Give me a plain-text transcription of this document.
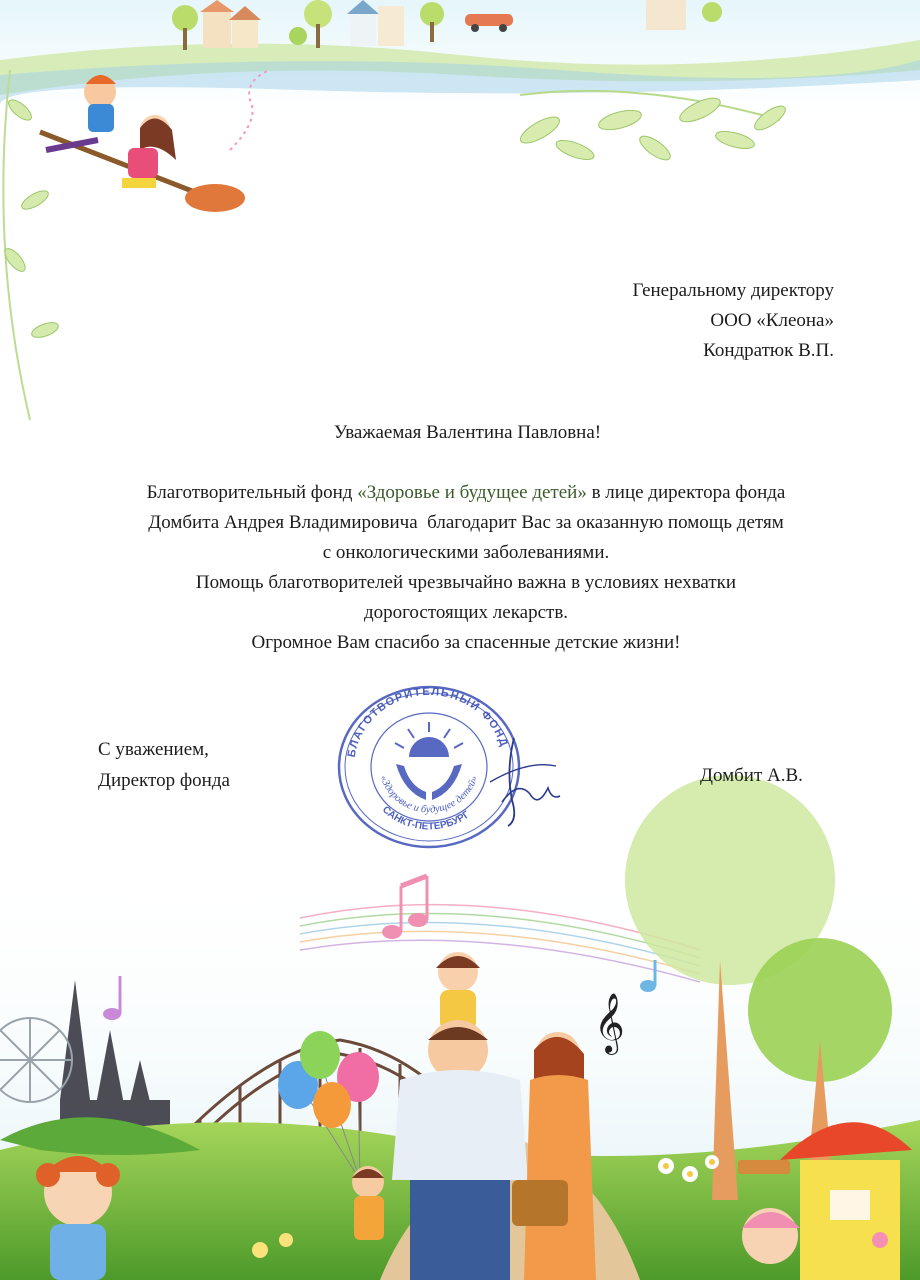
𝄞
Генеральному директору
ООО «Клеона»
Кондратюк В.П.
Уважаемая Валентина Павловна!
Благотворительный фонд «Здоровье и будущее детей» в лице директора фонда
Домбита Андрея Владимировича  благодарит Вас за оказанную помощь детям
с онкологическими заболеваниями.
Помощь благотворителей чрезвычайно важна в условиях нехватки
дорогостоящих лекарств.
Огромное Вам спасибо за спасенные детские жизни!
С уважением,
Директор фонда	Домбит А.В.
БЛАГОТВОРИТЕЛЬНЫЙ ФОНД
«Здоровье и будущее детей»
САНКТ-ПЕТЕРБУРГ
